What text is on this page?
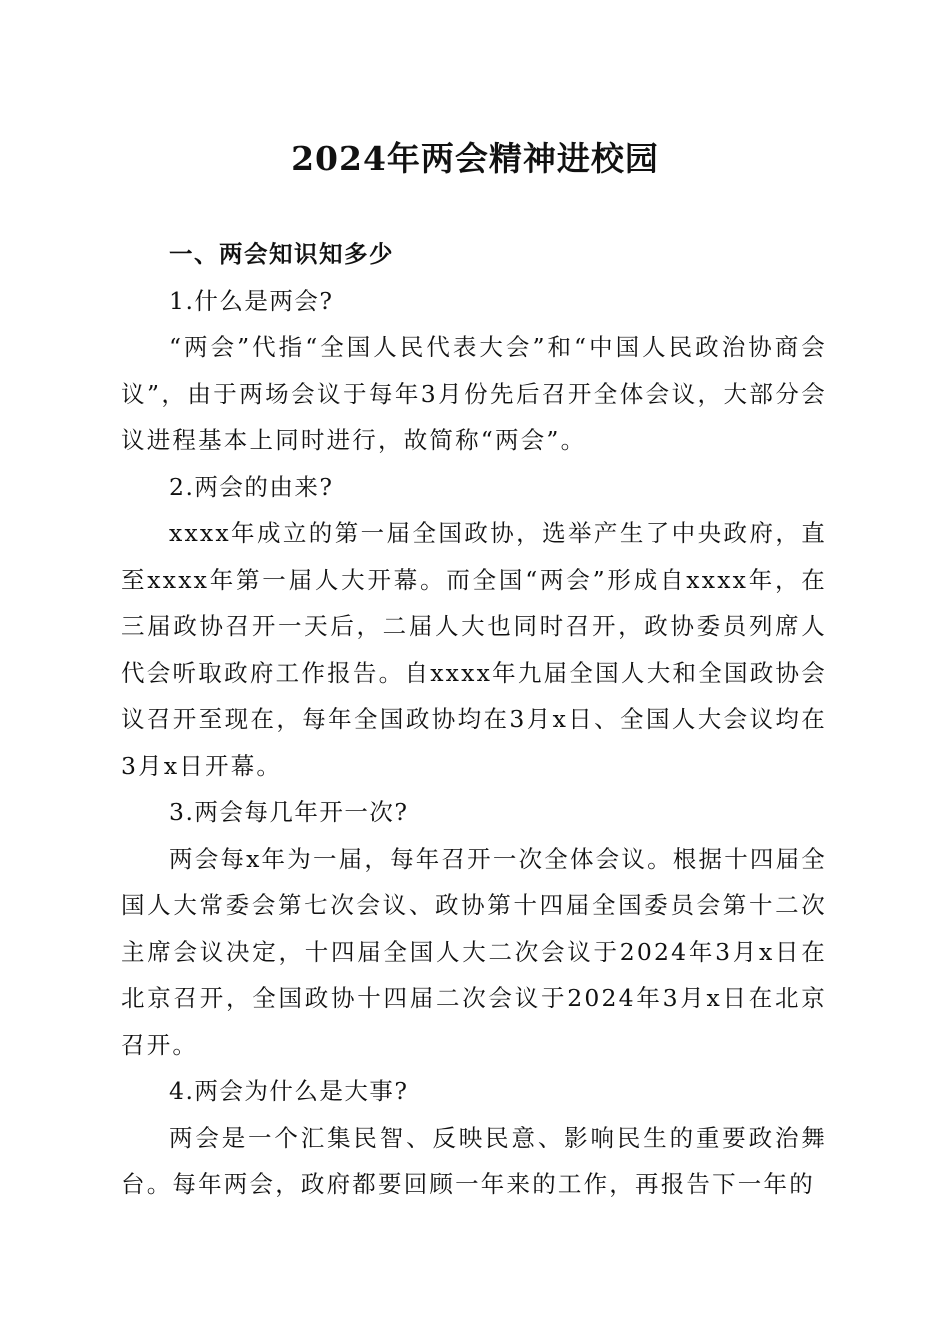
2024年两会精神进校园

一、两会知识知多少

1.什么是两会?

“两会”代指“全国人民代表大会”和“中国人民政治协商会议”，由于两场会议于每年3月份先后召开全体会议，大部分会议进程基本上同时进行，故简称“两会”。

2.两会的由来?

xxxx年成立的第一届全国政协，选举产生了中央政府，直至xxxx年第一届人大开幕。而全国“两会”形成自xxxx年，在三届政协召开一天后，二届人大也同时召开，政协委员列席人代会听取政府工作报告。自xxxx年九届全国人大和全国政协会议召开至现在，每年全国政协均在3月x日、全国人大会议均在3月x日开幕。

3.两会每几年开一次?

两会每x年为一届，每年召开一次全体会议。根据十四届全国人大常委会第七次会议、政协第十四届全国委员会第十二次主席会议决定，十四届全国人大二次会议于2024年3月x日在北京召开，全国政协十四届二次会议于2024年3月x日在北京召开。

4.两会为什么是大事?

两会是一个汇集民智、反映民意、影响民生的重要政治舞台。每年两会，政府都要回顾一年来的工作，再报告下一年的
